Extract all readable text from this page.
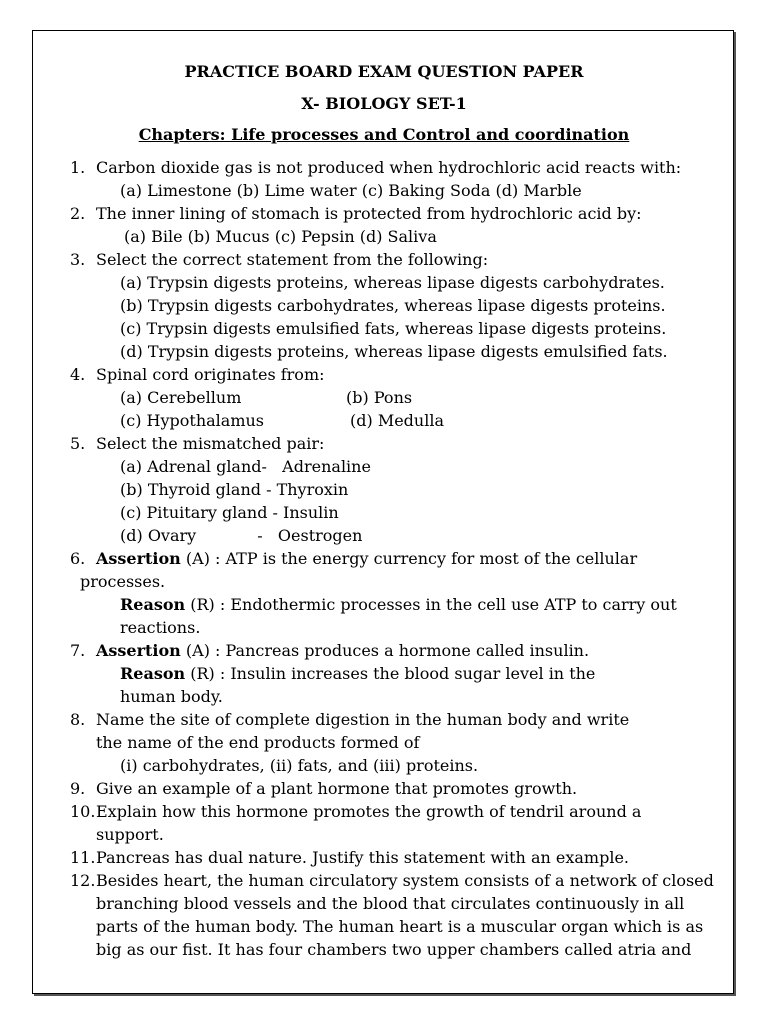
PRACTICE BOARD EXAM QUESTION PAPER
X- BIOLOGY SET-1
Chapters: Life processes and Control and coordination
1. Carbon dioxide gas is not produced when hydrochloric acid reacts with:
(a) Limestone (b) Lime water (c) Baking Soda (d) Marble
2. The inner lining of stomach is protected from hydrochloric acid by:
(a) Bile (b) Mucus (c) Pepsin (d) Saliva
3. Select the correct statement from the following:
(a) Trypsin digests proteins, whereas lipase digests carbohydrates.
(b) Trypsin digests carbohydrates, whereas lipase digests proteins.
(c) Trypsin digests emulsified fats, whereas lipase digests proteins.
(d) Trypsin digests proteins, whereas lipase digests emulsified fats.
4. Spinal cord originates from:
(a) Cerebellum	(b) Pons
(c) Hypothalamus	(d) Medulla
5. Select the mismatched pair:
(a) Adrenal gland-   Adrenaline
(b) Thyroid gland - Thyroxin
(c) Pituitary gland - Insulin
(d) Ovary            -   Oestrogen
6. Assertion (A) : ATP is the energy currency for most of the cellular
processes.
Reason (R) : Endothermic processes in the cell use ATP to carry out
reactions.
7. Assertion (A) : Pancreas produces a hormone called insulin.
Reason (R) : Insulin increases the blood sugar level in the
human body.
8. Name the site of complete digestion in the human body and write
the name of the end products formed of
(i) carbohydrates, (ii) fats, and (iii) proteins.
9. Give an example of a plant hormone that promotes growth.
10. Explain how this hormone promotes the growth of tendril around a
support.
11. Pancreas has dual nature. Justify this statement with an example.
12. Besides heart, the human circulatory system consists of a network of closed
branching blood vessels and the blood that circulates continuously in all
parts of the human body. The human heart is a muscular organ which is as
big as our fist. It has four chambers two upper chambers called atria and
